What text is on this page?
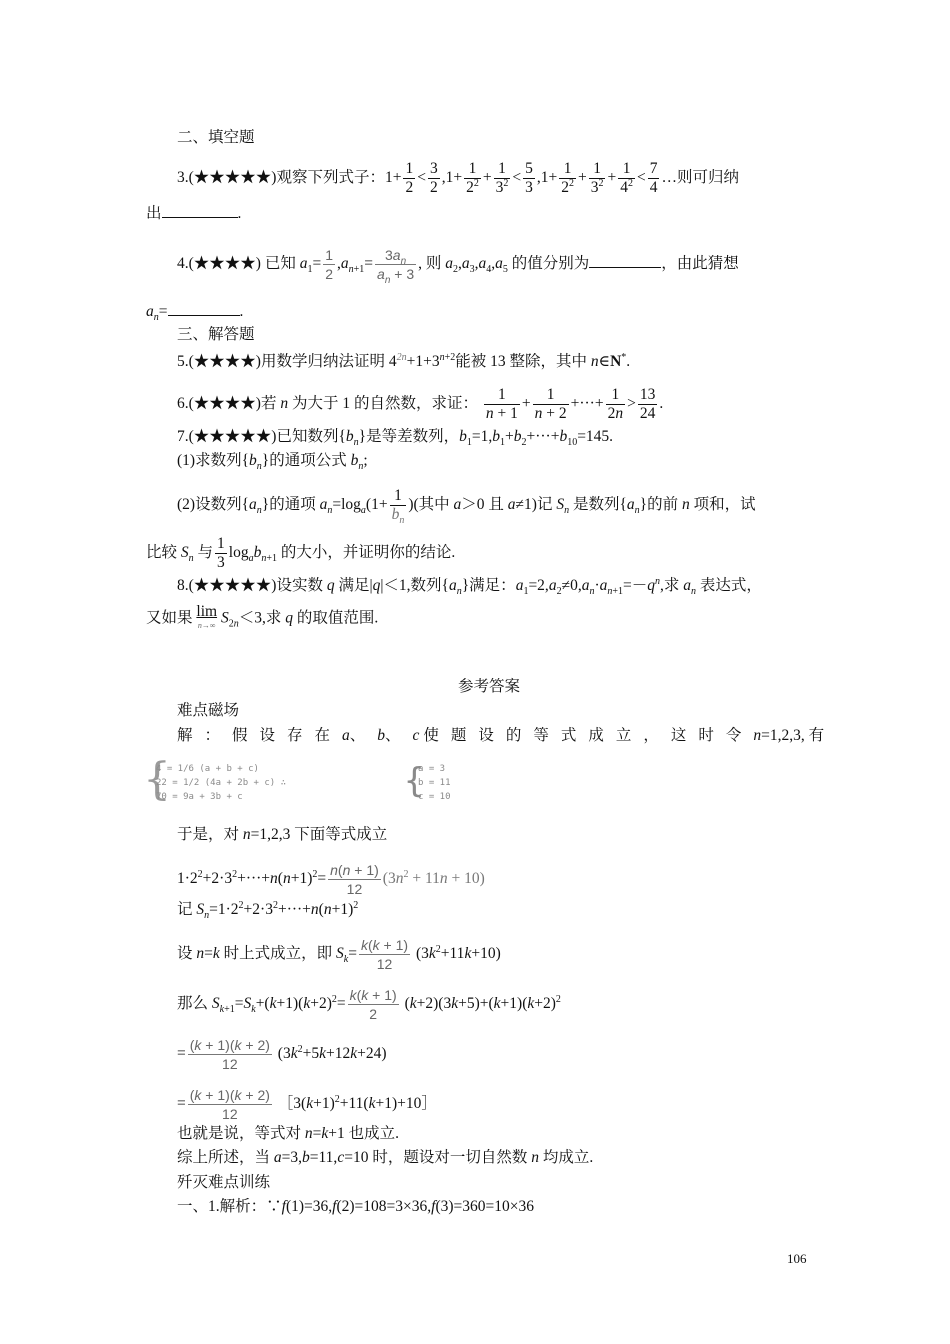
二、填空题
3.(★★★★★)观察下列式子：$1+ \frac{1}{2} < \frac{3}{2} ,1+ \frac{1}{2^2} + \frac{1}{3^2} < \frac{5}{3} ,1+ \frac{1}{2^2} + \frac{1}{3^2} + \frac{1}{4^2} < \frac{7}{4}$ …则可归纳
出	.
4.(★★★★) 已知 $a_1= \frac{1}{2} ,a_{n+1}= \frac{3a_n}{a_n + 3}$ , 则 $a_2,a_3,a_4,a_5$ 的值分别为	，由此猜想
$a_n=$	.
三、解答题
5.(★★★★)用数学归纳法证明 $4^{2n}+1+3^{n+2}$能被 13 整除，其中 n∈N*.
6.(★★★★)若 n 为大于 1 的自然数，求证： $\frac{1}{n + 1} + \frac{1}{n + 2}$ +···+ $\frac{1}{2n} > \frac{13}{24}$ .
7.(★★★★★)已知数列$\{b_n\}$是等差数列，$b_1=1,b_1+b_2+\cdot\cdot\cdot+b_{10}=145$.
(1)求数列$\{b_n\}$的通项公式 $b_n$;
(2)设数列$\{a_n\}$的通项 $a_n=\log_a(1+ \frac{1}{b_n}$ )(其中 a＞0 且 a≠1)记 $S_n$ 是数列$\{a_n\}$的前 n 项和，试
比较 $S_n$ 与 $\frac{1}{3} \log_ab_{n+1}$ 的大小，并证明你的结论.
8.(★★★★★)设实数 q 满足|q|＜1,数列$\{a_n\}$满足：$a_1=2,a_2\ne 0,a_n\cdot a_{n+1}=-q^n$,求 $a_n$ 表达式，
又如果 lim
n→∞ $S_{2n}<3$,求 q 的取值范围.
参考答案
难点磁场
解：假设存在a、b、c 使题设的等式成立，这时令n=1,2,3, 有
{
4 = 1/6 (a + b + c)
22 = 1/2 (4a + 2b + c) ∴
70 = 9a + 3b + c	{
a = 3
b = 11
c = 10
于是，对 n=1,2,3 下面等式成立
$1\cdot 2^2+2\cdot 3^2+\cdot\cdot\cdot+n(n+1)^2= \frac{n(n + 1)}{12} (3n^2 + 11n + 10)$
记 $S_n=1\cdot 2^2+2\cdot 3^2+\cdot\cdot\cdot+n(n+1)^2$
设 n=k 时上式成立，即 $S_k= \frac{k(k + 1)}{12} (3k^2+11k+10)$
那么 $S_{k+1}=S_k+(k+1)(k+2)^2= \frac{k(k + 1)}{2} (k+2)(3k+5)+(k+1)(k+2)^2$
= $\frac{(k + 1)(k + 2)}{12} (3k^2+5k+12k+24)$
= $\frac{(k + 1)(k + 2)}{12}$ $[3(k+1)^2+11(k+1)+10]$
也就是说，等式对 n=k+1 也成立.
综上所述，当 a=3,b=11,c=10 时，题设对一切自然数 n 均成立.
歼灭难点训练
一、1.解析：∵f(1)=36,f(2)=108=3×36,f(3)=360=10×36
106
